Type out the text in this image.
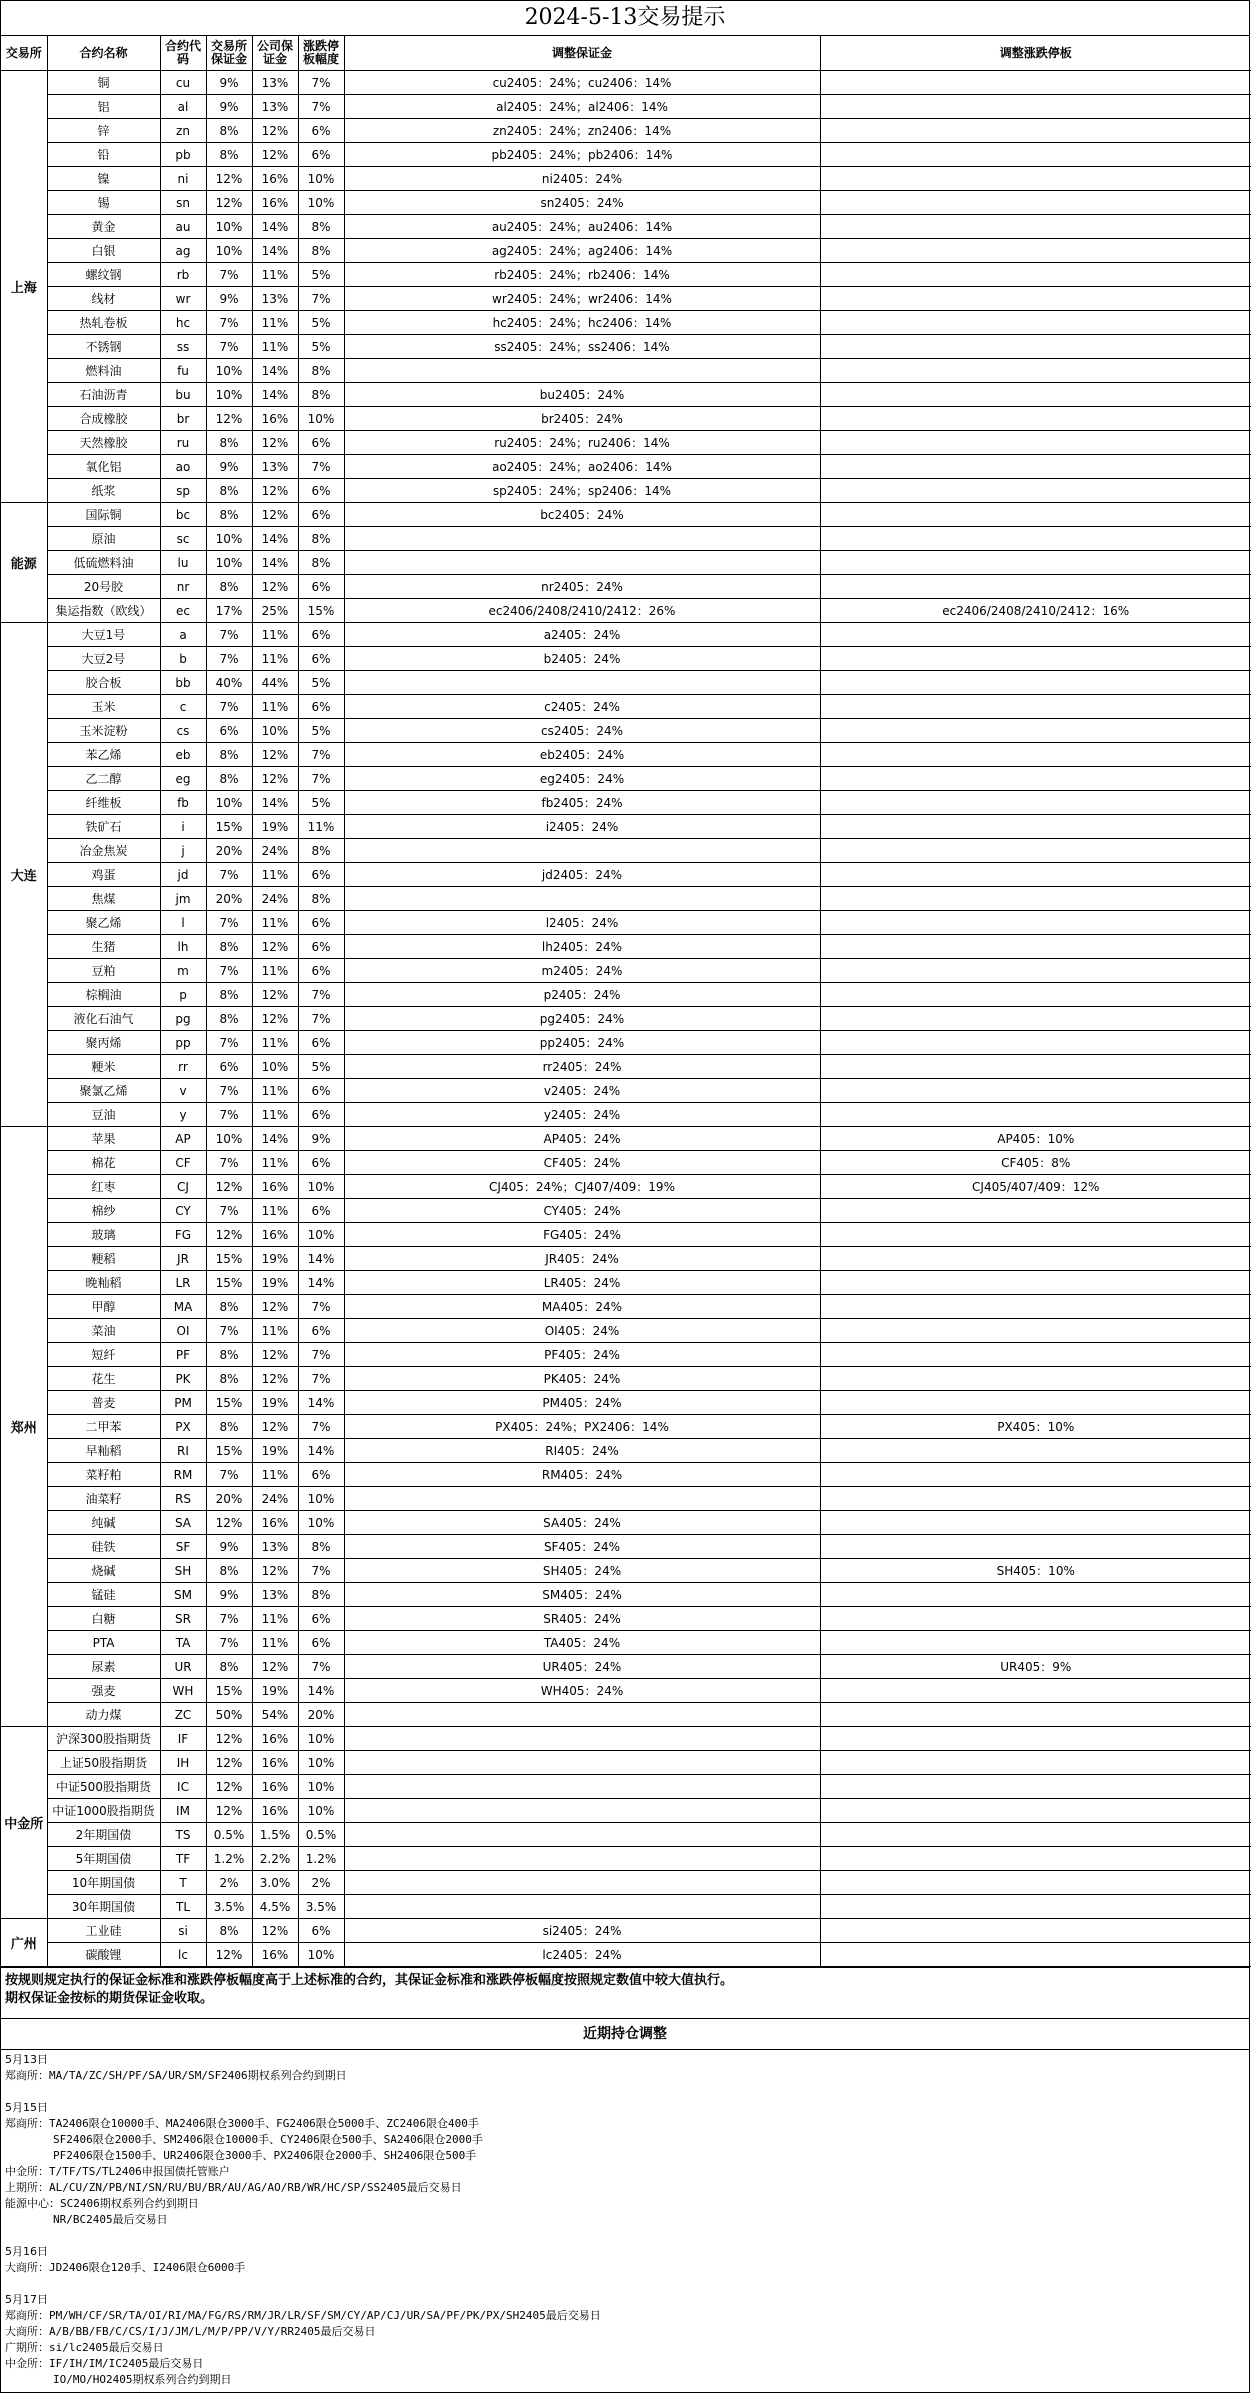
2024-5-13交易提示
交易所	合约名称	合约代码	交易所保证金	公司保证金	涨跌停板幅度	调整保证金	调整涨跌停板
上海	铜	cu	9%	13%	7%	cu2405：24%；cu2406：14%	
	铝	al	9%	13%	7%	al2405：24%；al2406：14%	
	锌	zn	8%	12%	6%	zn2405：24%；zn2406：14%	
	铅	pb	8%	12%	6%	pb2405：24%；pb2406：14%	
	镍	ni	12%	16%	10%	ni2405：24%	
	锡	sn	12%	16%	10%	sn2405：24%	
	黄金	au	10%	14%	8%	au2405：24%；au2406：14%	
	白银	ag	10%	14%	8%	ag2405：24%；ag2406：14%	
	螺纹钢	rb	7%	11%	5%	rb2405：24%；rb2406：14%	
	线材	wr	9%	13%	7%	wr2405：24%；wr2406：14%	
	热轧卷板	hc	7%	11%	5%	hc2405：24%；hc2406：14%	
	不锈钢	ss	7%	11%	5%	ss2405：24%；ss2406：14%	
	燃料油	fu	10%	14%	8%		
	石油沥青	bu	10%	14%	8%	bu2405：24%	
	合成橡胶	br	12%	16%	10%	br2405：24%	
	天然橡胶	ru	8%	12%	6%	ru2405：24%；ru2406：14%	
	氧化铝	ao	9%	13%	7%	ao2405：24%；ao2406：14%	
	纸浆	sp	8%	12%	6%	sp2405：24%；sp2406：14%	
能源	国际铜	bc	8%	12%	6%	bc2405：24%	
	原油	sc	10%	14%	8%		
	低硫燃料油	lu	10%	14%	8%		
	20号胶	nr	8%	12%	6%	nr2405：24%	
	集运指数（欧线）	ec	17%	25%	15%	ec2406/2408/2410/2412：26%	ec2406/2408/2410/2412：16%
大连	大豆1号	a	7%	11%	6%	a2405：24%	
	大豆2号	b	7%	11%	6%	b2405：24%	
	胶合板	bb	40%	44%	5%		
	玉米	c	7%	11%	6%	c2405：24%	
	玉米淀粉	cs	6%	10%	5%	cs2405：24%	
	苯乙烯	eb	8%	12%	7%	eb2405：24%	
	乙二醇	eg	8%	12%	7%	eg2405：24%	
	纤维板	fb	10%	14%	5%	fb2405：24%	
	铁矿石	i	15%	19%	11%	i2405：24%	
	冶金焦炭	j	20%	24%	8%		
	鸡蛋	jd	7%	11%	6%	jd2405：24%	
	焦煤	jm	20%	24%	8%		
	聚乙烯	l	7%	11%	6%	l2405：24%	
	生猪	lh	8%	12%	6%	lh2405：24%	
	豆粕	m	7%	11%	6%	m2405：24%	
	棕榈油	p	8%	12%	7%	p2405：24%	
	液化石油气	pg	8%	12%	7%	pg2405：24%	
	聚丙烯	pp	7%	11%	6%	pp2405：24%	
	粳米	rr	6%	10%	5%	rr2405：24%	
	聚氯乙烯	v	7%	11%	6%	v2405：24%	
	豆油	y	7%	11%	6%	y2405：24%	
郑州	苹果	AP	10%	14%	9%	AP405：24%	AP405：10%
	棉花	CF	7%	11%	6%	CF405：24%	CF405：8%
	红枣	CJ	12%	16%	10%	CJ405：24%；CJ407/409：19%	CJ405/407/409：12%
	棉纱	CY	7%	11%	6%	CY405：24%	
	玻璃	FG	12%	16%	10%	FG405：24%	
	粳稻	JR	15%	19%	14%	JR405：24%	
	晚籼稻	LR	15%	19%	14%	LR405：24%	
	甲醇	MA	8%	12%	7%	MA405：24%	
	菜油	OI	7%	11%	6%	OI405：24%	
	短纤	PF	8%	12%	7%	PF405：24%	
	花生	PK	8%	12%	7%	PK405：24%	
	普麦	PM	15%	19%	14%	PM405：24%	
	二甲苯	PX	8%	12%	7%	PX405：24%；PX2406：14%	PX405：10%
	早籼稻	RI	15%	19%	14%	RI405：24%	
	菜籽粕	RM	7%	11%	6%	RM405：24%	
	油菜籽	RS	20%	24%	10%		
	纯碱	SA	12%	16%	10%	SA405：24%	
	硅铁	SF	9%	13%	8%	SF405：24%	
	烧碱	SH	8%	12%	7%	SH405：24%	SH405：10%
	锰硅	SM	9%	13%	8%	SM405：24%	
	白糖	SR	7%	11%	6%	SR405：24%	
	PTA	TA	7%	11%	6%	TA405：24%	
	尿素	UR	8%	12%	7%	UR405：24%	UR405：9%
	强麦	WH	15%	19%	14%	WH405：24%	
	动力煤	ZC	50%	54%	20%		
中金所	沪深300股指期货	IF	12%	16%	10%		
	上证50股指期货	IH	12%	16%	10%		
	中证500股指期货	IC	12%	16%	10%		
	中证1000股指期货	IM	12%	16%	10%		
	2年期国债	TS	0.5%	1.5%	0.5%		
	5年期国债	TF	1.2%	2.2%	1.2%		
	10年期国债	T	2%	3.0%	2%		
	30年期国债	TL	3.5%	4.5%	3.5%		
广州	工业硅	si	8%	12%	6%	si2405：24%	
	碳酸锂	lc	12%	16%	10%	lc2405：24%	
按规则规定执行的保证金标准和涨跌停板幅度高于上述标准的合约，其保证金标准和涨跌停板幅度按照规定数值中较大值执行。
期权保证金按标的期货保证金收取。
近期持仓调整
5月13日
郑商所：MA/TA/ZC/SH/PF/SA/UR/SM/SF2406期权系列合约到期日
5月15日
郑商所：TA2406限仓10000手、MA2406限仓3000手、FG2406限仓5000手、ZC2406限仓400手
SF2406限仓2000手、SM2406限仓10000手、CY2406限仓500手、SA2406限仓2000手
PF2406限仓1500手、UR2406限仓3000手、PX2406限仓2000手、SH2406限仓500手
中金所：T/TF/TS/TL2406申报国债托管账户
上期所：AL/CU/ZN/PB/NI/SN/RU/BU/BR/AU/AG/AO/RB/WR/HC/SP/SS2405最后交易日
能源中心：SC2406期权系列合约到期日
NR/BC2405最后交易日
5月16日
大商所：JD2406限仓120手、I2406限仓6000手
5月17日
郑商所：PM/WH/CF/SR/TA/OI/RI/MA/FG/RS/RM/JR/LR/SF/SM/CY/AP/CJ/UR/SA/PF/PK/PX/SH2405最后交易日
大商所：A/B/BB/FB/C/CS/I/J/JM/L/M/P/PP/V/Y/RR2405最后交易日
广期所：si/lc2405最后交易日
中金所：IF/IH/IM/IC2405最后交易日
IO/MO/HO2405期权系列合约到期日
